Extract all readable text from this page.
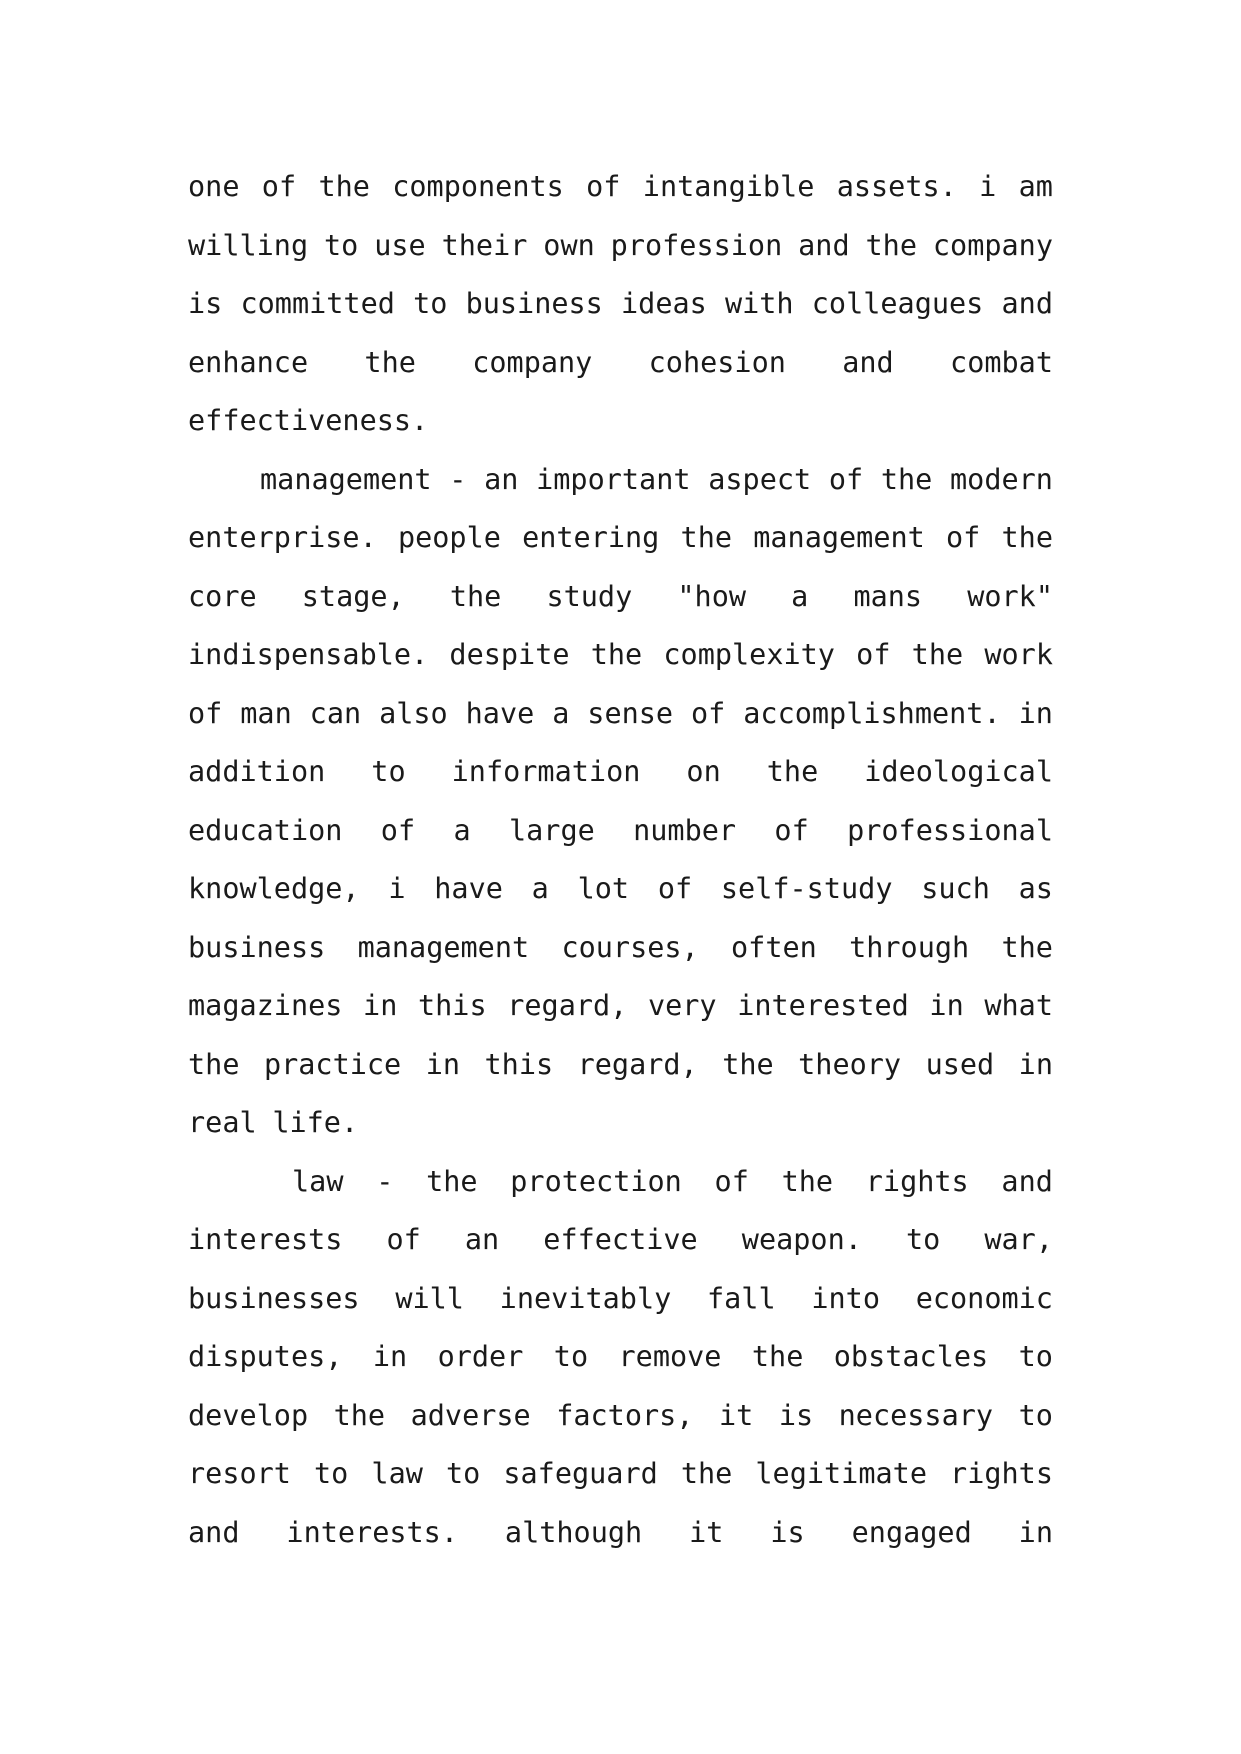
one of the components of intangible assets. i am
willing to use their own profession and the company
is committed to business ideas with colleagues and
enhance the company cohesion and combat
effectiveness.
management - an important aspect of the modern
enterprise. people entering the management of the
core stage, the study "how a mans work"
indispensable. despite the complexity of the work
of man can also have a sense of accomplishment. in
addition to information on the ideological
education of a large number of professional
knowledge, i have a lot of self-study such as
business management courses, often through the
magazines in this regard, very interested in what
the practice in this regard, the theory used in
real life.
law - the protection of the rights and
interests of an effective weapon. to war,
businesses will inevitably fall into economic
disputes, in order to remove the obstacles to
develop the adverse factors, it is necessary to
resort to law to safeguard the legitimate rights
and interests. although it is engaged in
